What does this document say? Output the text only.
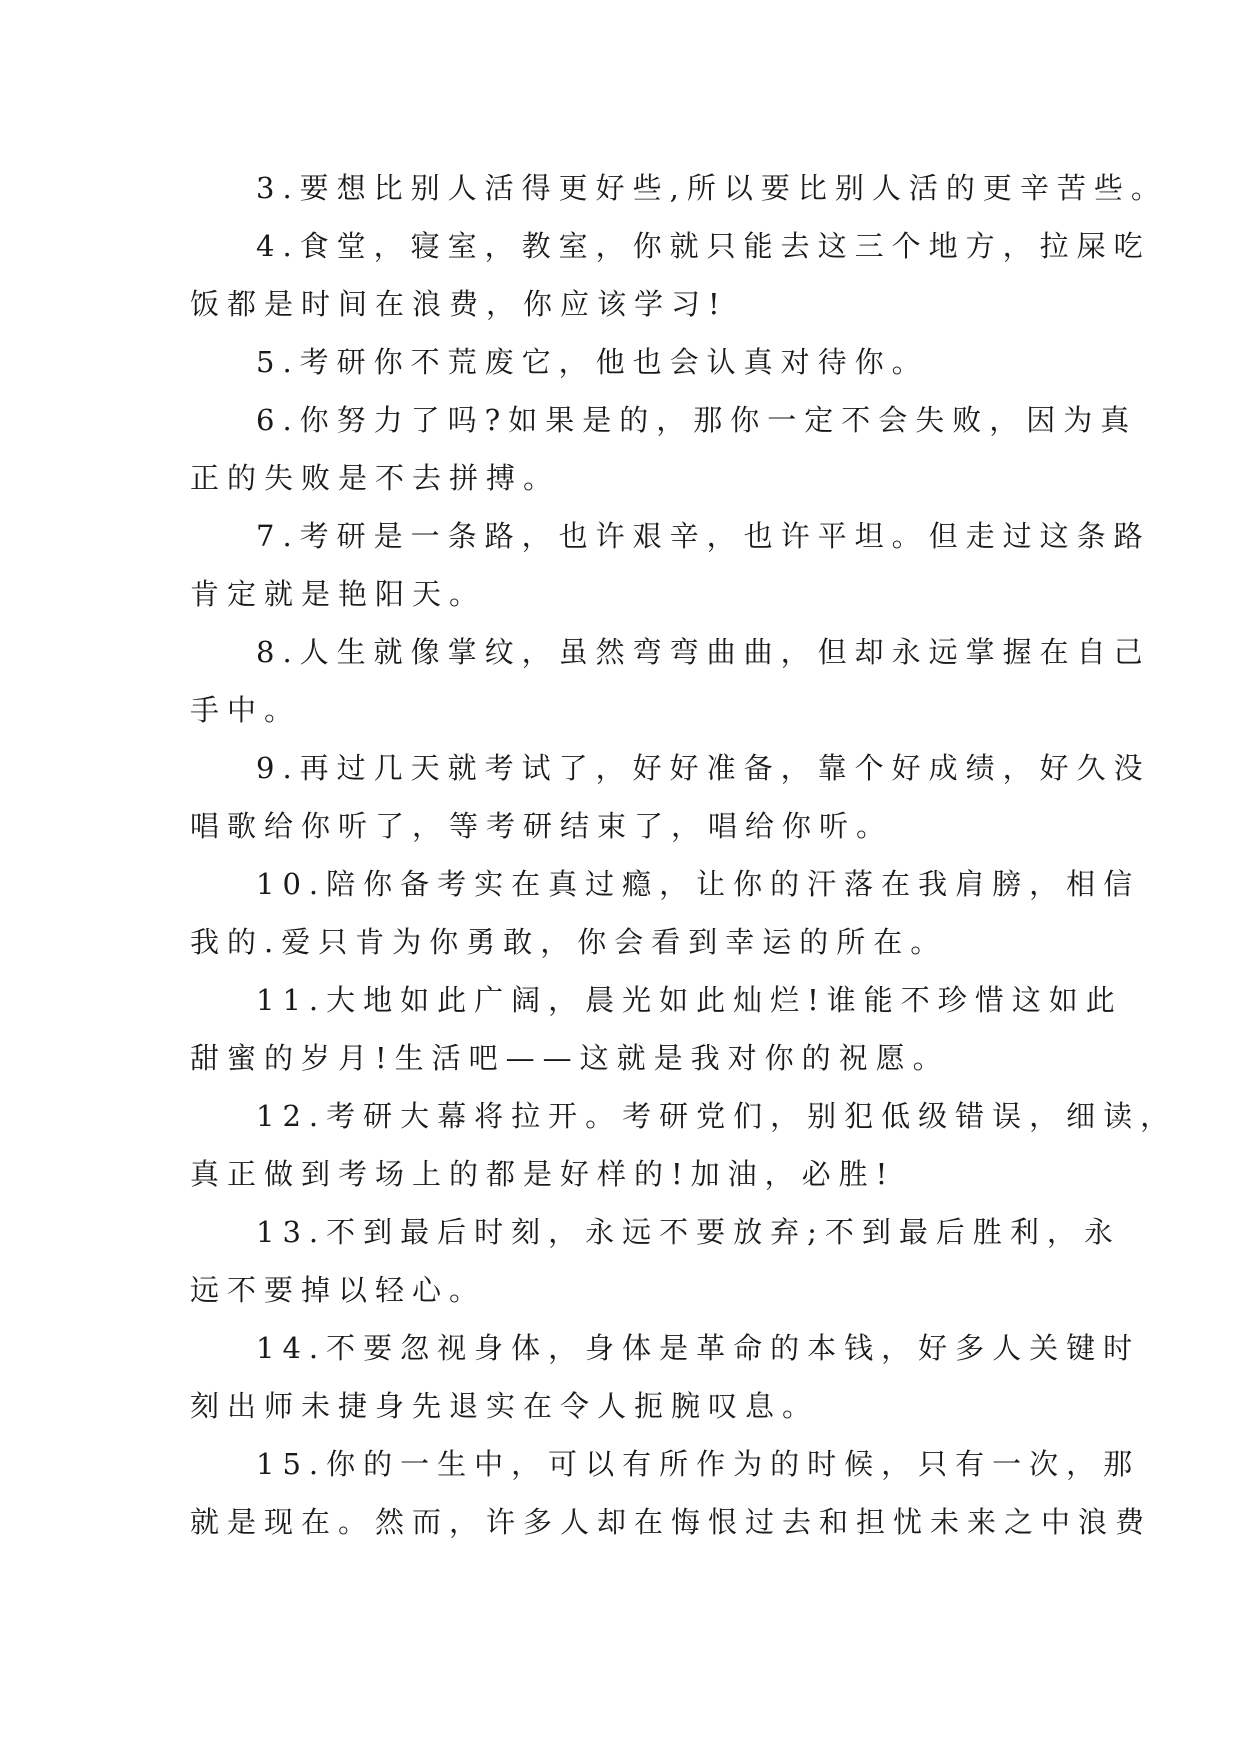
3.要想比别人活得更好些,所以要比别人活的更辛苦些。
4.食堂，寝室，教室，你就只能去这三个地方，拉屎吃
饭都是时间在浪费，你应该学习!
5.考研你不荒废它，他也会认真对待你。
6.你努力了吗?如果是的，那你一定不会失败，因为真
正的失败是不去拼搏。
7.考研是一条路，也许艰辛，也许平坦。但走过这条路
肯定就是艳阳天。
8.人生就像掌纹，虽然弯弯曲曲，但却永远掌握在自己
手中。
9.再过几天就考试了，好好准备，靠个好成绩，好久没
唱歌给你听了，等考研结束了，唱给你听。
10.陪你备考实在真过瘾，让你的汗落在我肩膀，相信
我的.爱只肯为你勇敢，你会看到幸运的所在。
11.大地如此广阔，晨光如此灿烂!谁能不珍惜这如此
甜蜜的岁月!生活吧——这就是我对你的祝愿。
12.考研大幕将拉开。考研党们，别犯低级错误，细读，
真正做到考场上的都是好样的!加油，必胜!
13.不到最后时刻，永远不要放弃;不到最后胜利，永
远不要掉以轻心。
14.不要忽视身体，身体是革命的本钱，好多人关键时
刻出师未捷身先退实在令人扼腕叹息。
15.你的一生中，可以有所作为的时候，只有一次，那
就是现在。然而，许多人却在悔恨过去和担忧未来之中浪费
